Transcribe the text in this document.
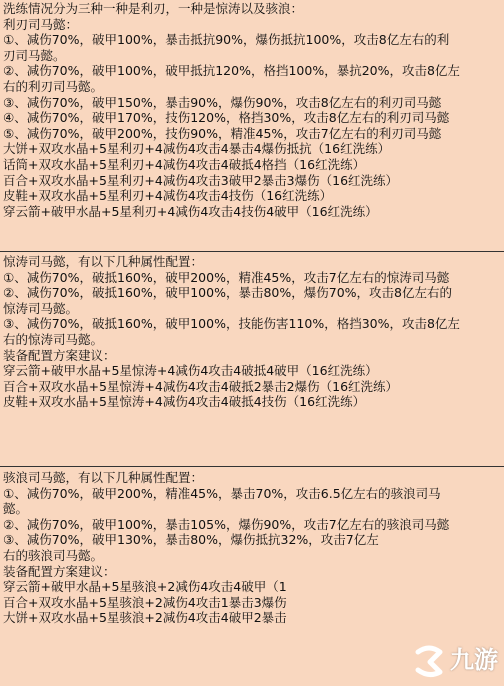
洗练情况分为三种一种是利刃，一种是惊涛以及骇浪：
利刃司马懿：
①、减伤70%，破甲100%，暴击抵抗90%，爆伤抵抗100%，攻击8亿左右的利
刃司马懿。
②、减伤70%，破甲100%，破甲抵抗120%，格挡100%，暴抗20%，攻击8亿左
右的利刃司马懿。
③、减伤70%，破甲150%，暴击90%，爆伤90%，攻击8亿左右的利刃司马懿
④、减伤70%，破甲170%，技伤120%，格挡30%，攻击8亿左右的利刃司马懿
⑤、减伤70%，破甲200%，技伤90%，精准45%，攻击7亿左右的利刃司马懿
大饼+双攻水晶+5星利刃+4减伤4攻击4暴击4爆伤抵抗（16红洗练）
话筒+双攻水晶+5星利刃+4减伤4攻击4破抵4格挡（16红洗练）
百合+双攻水晶+5星利刃+4减伤4攻击3破甲2暴击3爆伤（16红洗练）
皮鞋+双攻水晶+5星利刃+4减伤4攻击4技伤（16红洗练）
穿云箭+破甲水晶+5星利刃+4减伤4攻击4技伤4破甲（16红洗练）
惊涛司马懿，有以下几种属性配置：
①、减伤70%，破抵160%，破甲200%，精准45%，攻击7亿左右的惊涛司马懿
②、减伤70%，破抵160%，破甲100%，暴击80%，爆伤70%，攻击8亿左右的
惊涛司马懿。
③、减伤70%，破抵160%，破甲100%，技能伤害110%，格挡30%，攻击8亿左
右的惊涛司马懿。
装备配置方案建议：
穿云箭+破甲水晶+5星惊涛+4减伤4攻击4破抵4破甲（16红洗练）
百合+双攻水晶+5星惊涛+4减伤4攻击4破抵2暴击2爆伤（16红洗练）
皮鞋+双攻水晶+5星惊涛+4减伤4攻击4破抵4技伤（16红洗练）
骇浪司马懿，有以下几种属性配置：
①、减伤70%，破甲200%，精准45%，暴击70%，攻击6.5亿左右的骇浪司马
懿。
②、减伤70%，破甲100%，暴击105%，爆伤90%，攻击7亿左右的骇浪司马懿
③、减伤70%，破甲130%，暴击80%，爆伤抵抗32%，攻击7亿左
右的骇浪司马懿。
装备配置方案建议：
穿云箭+破甲水晶+5星骇浪+2减伤4攻击4破甲（1
百合+双攻水晶+5星骇浪+2减伤4攻击1暴击3爆伤
大饼+双攻水晶+5星骇浪+2减伤4攻击4破甲2暴击
九游
